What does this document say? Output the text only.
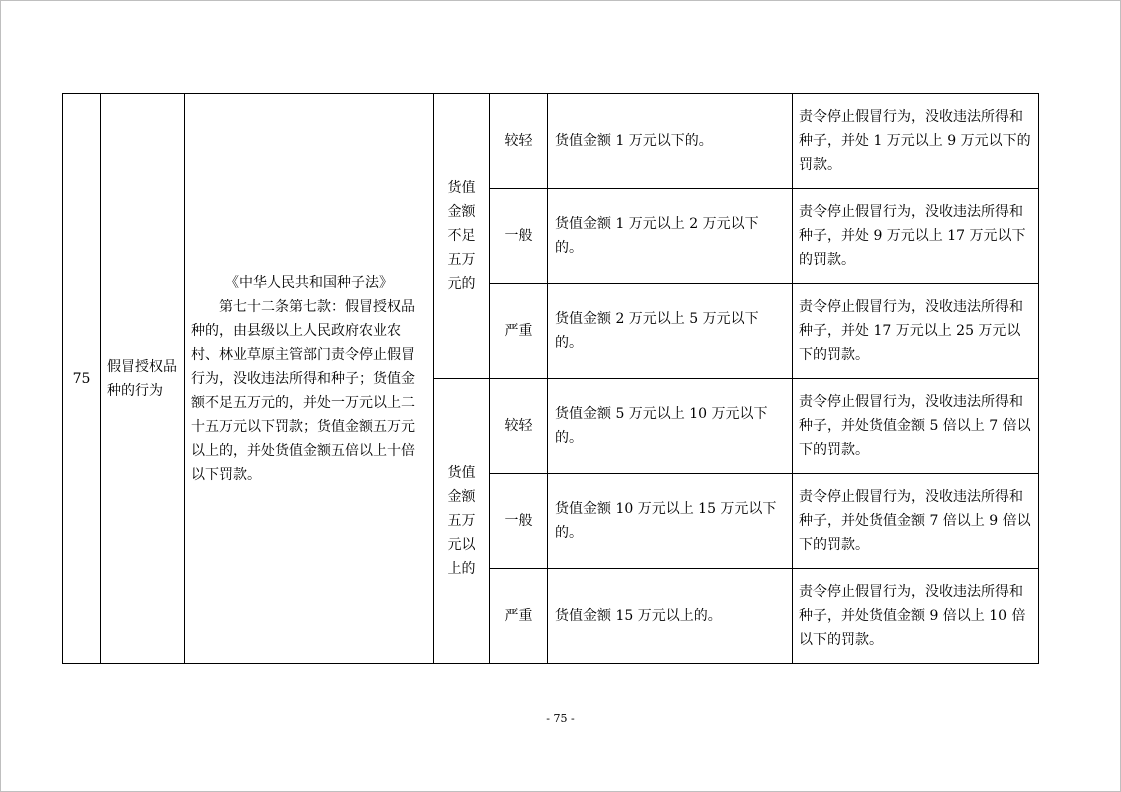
75	假冒授权品种的行为	《中华人民共和国种子法》
第七十二条第七款：假冒授权品种的，由县级以上人民政府农业农村、林业草原主管部门责令停止假冒行为，没收违法所得和种子；货值金额不足五万元的，并处一万元以上二十五万元以下罚款；货值金额五万元以上的，并处货值金额五倍以上十倍以下罚款。	货值金额不足五万元的	较轻	货值金额 1 万元以下的。	责令停止假冒行为，没收违法所得和种子，并处 1 万元以上 9 万元以下的罚款。
				一般	货值金额 1 万元以上 2 万元以下的。	责令停止假冒行为，没收违法所得和种子，并处 9 万元以上 17 万元以下的罚款。
				严重	货值金额 2 万元以上 5 万元以下的。	责令停止假冒行为，没收违法所得和种子，并处 17 万元以上 25 万元以下的罚款。

			货值金额五万元以上的	较轻	货值金额 5 万元以上 10 万元以下的。	责令停止假冒行为，没收违法所得和种子，并处货值金额 5 倍以上 7 倍以下的罚款。
				一般	货值金额 10 万元以上 15 万元以下的。	责令停止假冒行为，没收违法所得和种子，并处货值金额 7 倍以上 9 倍以下的罚款。
				严重	货值金额 15 万元以上的。	责令停止假冒行为，没收违法所得和种子，并处货值金额 9 倍以上 10 倍以下的罚款。
- 75 -
